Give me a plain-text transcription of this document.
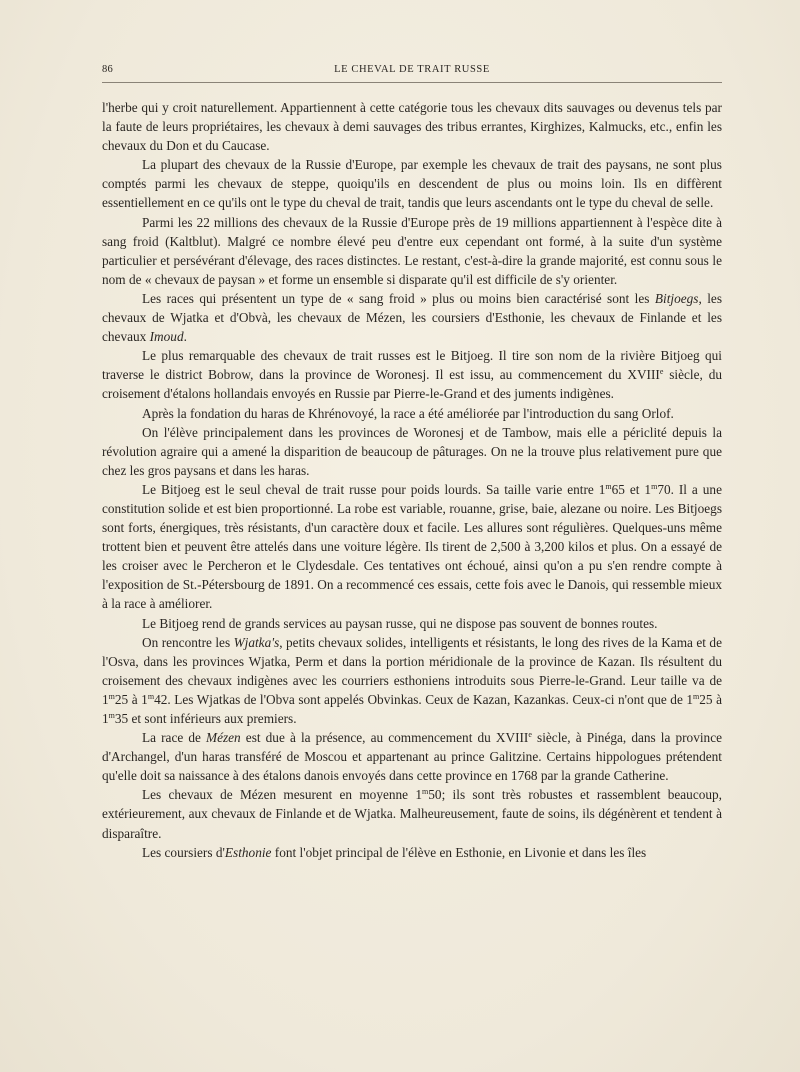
86	LE CHEVAL DE TRAIT RUSSE

l'herbe qui y croit naturellement. Appartiennent à cette catégorie tous les chevaux dits sauvages ou devenus tels par la faute de leurs propriétaires, les chevaux à demi sauvages des tribus errantes, Kirghizes, Kalmucks, etc., enfin les chevaux du Don et du Caucase.

La plupart des chevaux de la Russie d'Europe, par exemple les chevaux de trait des paysans, ne sont plus comptés parmi les chevaux de steppe, quoiqu'ils en descendent de plus ou moins loin. Ils en diffèrent essentiellement en ce qu'ils ont le type du cheval de trait, tandis que leurs ascendants ont le type du cheval de selle.

Parmi les 22 millions des chevaux de la Russie d'Europe près de 19 millions appartiennent à l'espèce dite à sang froid (Kaltblut). Malgré ce nombre élevé peu d'entre eux cependant ont formé, à la suite d'un système particulier et persévérant d'élevage, des races distinctes. Le restant, c'est-à-dire la grande majorité, est connu sous le nom de « chevaux de paysan » et forme un ensemble si disparate qu'il est difficile de s'y orienter.

Les races qui présentent un type de « sang froid » plus ou moins bien caractérisé sont les Bitjoegs, les chevaux de Wjatka et d'Obvà, les chevaux de Mézen, les coursiers d'Esthonie, les chevaux de Finlande et les chevaux Imoud.

Le plus remarquable des chevaux de trait russes est le Bitjoeg. Il tire son nom de la rivière Bitjoeg qui traverse le district Bobrow, dans la province de Woronesj. Il est issu, au commencement du XVIIIe siècle, du croisement d'étalons hollandais envoyés en Russie par Pierre-le-Grand et des juments indigènes.

Après la fondation du haras de Khrénovoyé, la race a été améliorée par l'introduction du sang Orlof.

On l'élève principalement dans les provinces de Woronesj et de Tambow, mais elle a périclité depuis la révolution agraire qui a amené la disparition de beaucoup de pâturages. On ne la trouve plus relativement pure que chez les gros paysans et dans les haras.

Le Bitjoeg est le seul cheval de trait russe pour poids lourds. Sa taille varie entre 1$^m$65 et 1$^m$70. Il a une constitution solide et est bien proportionné. La robe est variable, rouanne, grise, baie, alezane ou noire. Les Bitjoegs sont forts, énergiques, très résistants, d'un caractère doux et facile. Les allures sont régulières. Quelques-uns même trottent bien et peuvent être attelés dans une voiture légère. Ils tirent de 2,500 à 3,200 kilos et plus. On a essayé de les croiser avec le Percheron et le Clydesdale. Ces tentatives ont échoué, ainsi qu'on a pu s'en rendre compte à l'exposition de St.-Pétersbourg de 1891. On a recommencé ces essais, cette fois avec le Danois, qui ressemble mieux à la race à améliorer.

Le Bitjoeg rend de grands services au paysan russe, qui ne dispose pas souvent de bonnes routes.

On rencontre les Wjatka's, petits chevaux solides, intelligents et résistants, le long des rives de la Kama et de l'Osva, dans les provinces Wjatka, Perm et dans la portion méridionale de la province de Kazan. Ils résultent du croisement des chevaux indigènes avec les courriers esthoniens introduits sous Pierre-le-Grand. Leur taille va de 1$^m$25 à 1$^m$42. Les Wjatkas de l'Obva sont appelés Obvinkas. Ceux de Kazan, Kazankas. Ceux-ci n'ont que de 1$^m$25 à 1$^m$35 et sont inférieurs aux premiers.

La race de Mézen est due à la présence, au commencement du XVIIIe siècle, à Pinéga, dans la province d'Archangel, d'un haras transféré de Moscou et appartenant au prince Galitzine. Certains hippologues prétendent qu'elle doit sa naissance à des étalons danois envoyés dans cette province en 1768 par la grande Catherine.

Les chevaux de Mézen mesurent en moyenne 1$^m$50; ils sont très robustes et rassemblent beaucoup, extérieurement, aux chevaux de Finlande et de Wjatka. Malheureusement, faute de soins, ils dégénèrent et tendent à disparaître.

Les coursiers d'Esthonie font l'objet principal de l'élève en Esthonie, en Livonie et dans les îles
